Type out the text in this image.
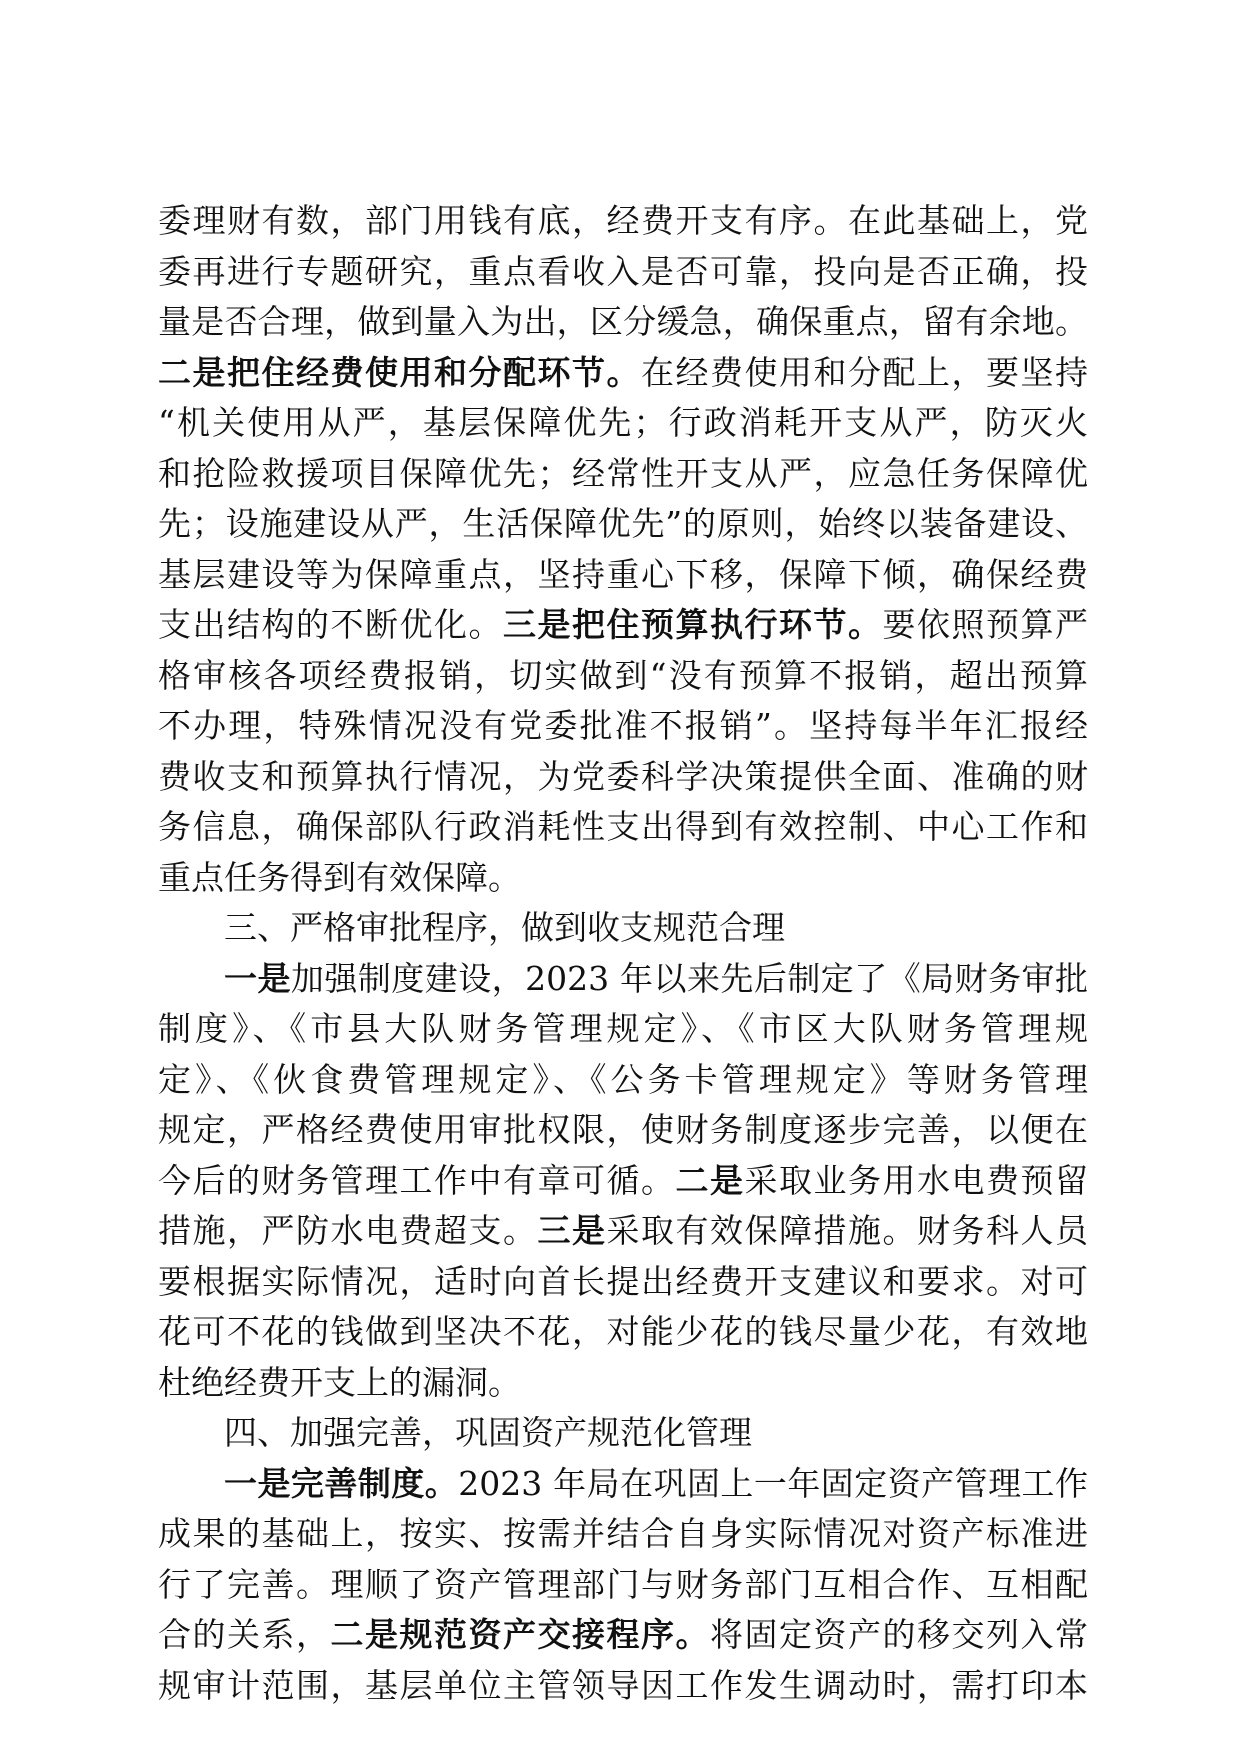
委理财有数，部门用钱有底，经费开支有序。在此基础上，党
委再进行专题研究，重点看收入是否可靠，投向是否正确，投
量是否合理，做到量入为出，区分缓急，确保重点，留有余地。
二是把住经费使用和分配环节。在经费使用和分配上，要坚持
“机关使用从严，基层保障优先；行政消耗开支从严，防灭火
和抢险救援项目保障优先；经常性开支从严，应急任务保障优
先；设施建设从严，生活保障优先”的原则，始终以装备建设、
基层建设等为保障重点，坚持重心下移，保障下倾，确保经费
支出结构的不断优化。三是把住预算执行环节。要依照预算严
格审核各项经费报销，切实做到“没有预算不报销，超出预算
不办理，特殊情况没有党委批准不报销”。坚持每半年汇报经
费收支和预算执行情况，为党委科学决策提供全面、准确的财
务信息，确保部队行政消耗性支出得到有效控制、中心工作和
重点任务得到有效保障。
三、严格审批程序，做到收支规范合理
一是加强制度建设，2023 年以来先后制定了《局财务审批
制度》、《市县大队财务管理规定》、《市区大队财务管理规
定》、《伙食费管理规定》、《公务卡管理规定》等财务管理
规定，严格经费使用审批权限，使财务制度逐步完善，以便在
今后的财务管理工作中有章可循。二是采取业务用水电费预留
措施，严防水电费超支。三是采取有效保障措施。财务科人员
要根据实际情况，适时向首长提出经费开支建议和要求。对可
花可不花的钱做到坚决不花，对能少花的钱尽量少花，有效地
杜绝经费开支上的漏洞。
四、加强完善，巩固资产规范化管理
一是完善制度。2023 年局在巩固上一年固定资产管理工作
成果的基础上，按实、按需并结合自身实际情况对资产标准进
行了完善。理顺了资产管理部门与财务部门互相合作、互相配
合的关系，二是规范资产交接程序。将固定资产的移交列入常
规审计范围，基层单位主管领导因工作发生调动时，需打印本
